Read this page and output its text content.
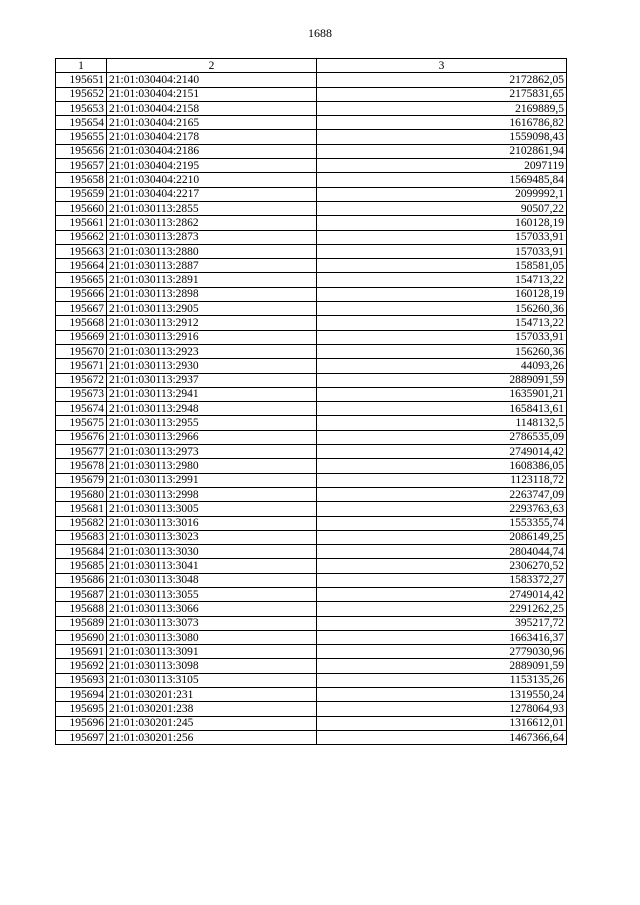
1688
1	2	3
195651	21:01:030404:2140	2172862,05
195652	21:01:030404:2151	2175831,65
195653	21:01:030404:2158	2169889,5
195654	21:01:030404:2165	1616786,82
195655	21:01:030404:2178	1559098,43
195656	21:01:030404:2186	2102861,94
195657	21:01:030404:2195	2097119
195658	21:01:030404:2210	1569485,84
195659	21:01:030404:2217	2099992,1
195660	21:01:030113:2855	90507,22
195661	21:01:030113:2862	160128,19
195662	21:01:030113:2873	157033,91
195663	21:01:030113:2880	157033,91
195664	21:01:030113:2887	158581,05
195665	21:01:030113:2891	154713,22
195666	21:01:030113:2898	160128,19
195667	21:01:030113:2905	156260,36
195668	21:01:030113:2912	154713,22
195669	21:01:030113:2916	157033,91
195670	21:01:030113:2923	156260,36
195671	21:01:030113:2930	44093,26
195672	21:01:030113:2937	2889091,59
195673	21:01:030113:2941	1635901,21
195674	21:01:030113:2948	1658413,61
195675	21:01:030113:2955	1148132,5
195676	21:01:030113:2966	2786535,09
195677	21:01:030113:2973	2749014,42
195678	21:01:030113:2980	1608386,05
195679	21:01:030113:2991	1123118,72
195680	21:01:030113:2998	2263747,09
195681	21:01:030113:3005	2293763,63
195682	21:01:030113:3016	1553355,74
195683	21:01:030113:3023	2086149,25
195684	21:01:030113:3030	2804044,74
195685	21:01:030113:3041	2306270,52
195686	21:01:030113:3048	1583372,27
195687	21:01:030113:3055	2749014,42
195688	21:01:030113:3066	2291262,25
195689	21:01:030113:3073	395217,72
195690	21:01:030113:3080	1663416,37
195691	21:01:030113:3091	2779030,96
195692	21:01:030113:3098	2889091,59
195693	21:01:030113:3105	1153135,26
195694	21:01:030201:231	1319550,24
195695	21:01:030201:238	1278064,93
195696	21:01:030201:245	1316612,01
195697	21:01:030201:256	1467366,64
